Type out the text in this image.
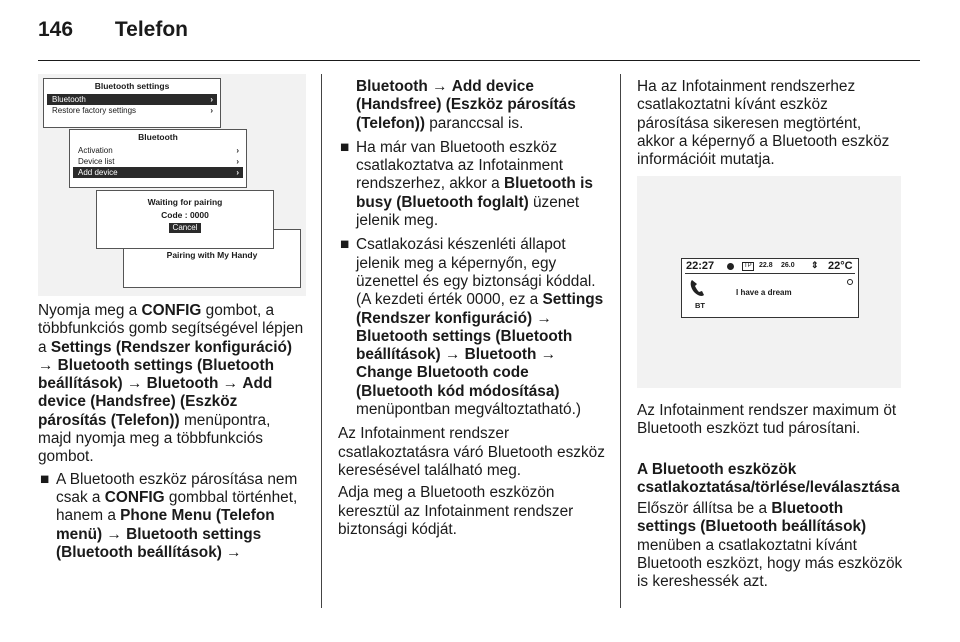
146 Telefon
Bluetooth settings
Bluetooth	›
Restore factory settings	›
Bluetooth
Activation	›
Device list	›
Add device	›
Pairing with My Handy
Waiting for pairing
Code : 0000
Cancel

Nyomja meg a CONFIG gombot, a többfunkciós gomb segítségével lépjen a Settings (Rendszer konfiguráció) → Bluetooth settings (Bluetooth beállítások) → Bluetooth → Add device (Handsfree) (Eszköz párosítás (Telefon)) menüpontra, majd nyomja meg a többfunkciós gombot.

■ A Bluetooth eszköz párosítása nem csak a CONFIG gombbal történhet, hanem a Phone Menu (Telefon menü) → Bluetooth settings (Bluetooth beállítások) →
Bluetooth → Add device (Handsfree) (Eszköz párosítás (Telefon)) paranccsal is.
■ Ha már van Bluetooth eszköz csatlakoztatva az Infotainment rendszerhez, akkor a Bluetooth is busy (Bluetooth foglalt) üzenet jelenik meg.
■ Csatlakozási készenléti állapot jelenik meg a képernyőn, egy üzenettel és egy biztonsági kóddal. (A kezdeti érték 0000, ez a Settings (Rendszer konfiguráció) → Bluetooth settings (Bluetooth beállítások) → Bluetooth → Change Bluetooth code (Bluetooth kód módosítása) menüpontban megváltoztatható.)

Az Infotainment rendszer csatlakoztatásra váró Bluetooth eszköz keresésével található meg.

Adja meg a Bluetooth eszközön keresztül az Infotainment rendszer biztonsági kódját.

Ha az Infotainment rendszerhez csatlakoztatni kívánt eszköz párosítása sikeresen megtörtént, akkor a képernyő a Bluetooth eszköz információit mutatja.

22:27	TP 22.8 26.0 ⇕ 22°C
BT
I have a dream

Az Infotainment rendszer maximum öt Bluetooth eszközt tud párosítani.

A Bluetooth eszközök csatlakoztatása/törlése/leválasztása

Először állítsa be a Bluetooth settings (Bluetooth beállítások) menüben a csatlakoztatni kívánt Bluetooth eszközt, hogy más eszközök is kereshessék azt.
